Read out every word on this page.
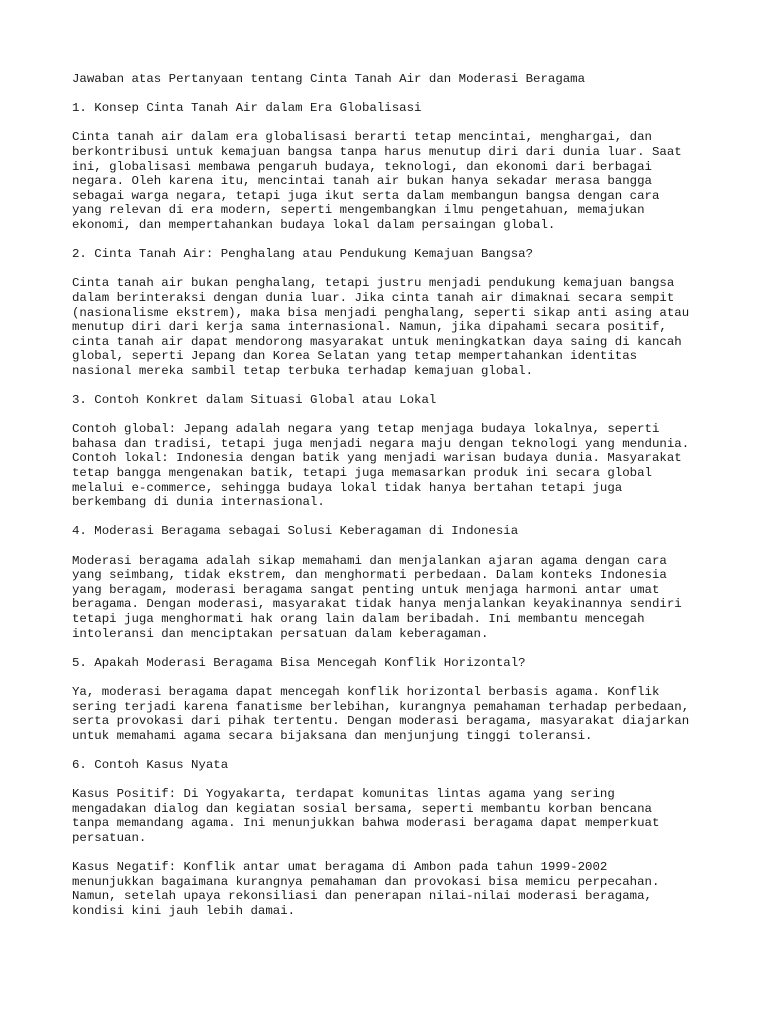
Jawaban atas Pertanyaan tentang Cinta Tanah Air dan Moderasi Beragama
1. Konsep Cinta Tanah Air dalam Era Globalisasi
Cinta tanah air dalam era globalisasi berarti tetap mencintai, menghargai, dan
berkontribusi untuk kemajuan bangsa tanpa harus menutup diri dari dunia luar. Saat
ini, globalisasi membawa pengaruh budaya, teknologi, dan ekonomi dari berbagai
negara. Oleh karena itu, mencintai tanah air bukan hanya sekadar merasa bangga
sebagai warga negara, tetapi juga ikut serta dalam membangun bangsa dengan cara
yang relevan di era modern, seperti mengembangkan ilmu pengetahuan, memajukan
ekonomi, dan mempertahankan budaya lokal dalam persaingan global.
2. Cinta Tanah Air: Penghalang atau Pendukung Kemajuan Bangsa?
Cinta tanah air bukan penghalang, tetapi justru menjadi pendukung kemajuan bangsa
dalam berinteraksi dengan dunia luar. Jika cinta tanah air dimaknai secara sempit
(nasionalisme ekstrem), maka bisa menjadi penghalang, seperti sikap anti asing atau
menutup diri dari kerja sama internasional. Namun, jika dipahami secara positif,
cinta tanah air dapat mendorong masyarakat untuk meningkatkan daya saing di kancah
global, seperti Jepang dan Korea Selatan yang tetap mempertahankan identitas
nasional mereka sambil tetap terbuka terhadap kemajuan global.
3. Contoh Konkret dalam Situasi Global atau Lokal
Contoh global: Jepang adalah negara yang tetap menjaga budaya lokalnya, seperti
bahasa dan tradisi, tetapi juga menjadi negara maju dengan teknologi yang mendunia.
Contoh lokal: Indonesia dengan batik yang menjadi warisan budaya dunia. Masyarakat
tetap bangga mengenakan batik, tetapi juga memasarkan produk ini secara global
melalui e-commerce, sehingga budaya lokal tidak hanya bertahan tetapi juga
berkembang di dunia internasional.
4. Moderasi Beragama sebagai Solusi Keberagaman di Indonesia
Moderasi beragama adalah sikap memahami dan menjalankan ajaran agama dengan cara
yang seimbang, tidak ekstrem, dan menghormati perbedaan. Dalam konteks Indonesia
yang beragam, moderasi beragama sangat penting untuk menjaga harmoni antar umat
beragama. Dengan moderasi, masyarakat tidak hanya menjalankan keyakinannya sendiri
tetapi juga menghormati hak orang lain dalam beribadah. Ini membantu mencegah
intoleransi dan menciptakan persatuan dalam keberagaman.
5. Apakah Moderasi Beragama Bisa Mencegah Konflik Horizontal?
Ya, moderasi beragama dapat mencegah konflik horizontal berbasis agama. Konflik
sering terjadi karena fanatisme berlebihan, kurangnya pemahaman terhadap perbedaan,
serta provokasi dari pihak tertentu. Dengan moderasi beragama, masyarakat diajarkan
untuk memahami agama secara bijaksana dan menjunjung tinggi toleransi.
6. Contoh Kasus Nyata
Kasus Positif: Di Yogyakarta, terdapat komunitas lintas agama yang sering
mengadakan dialog dan kegiatan sosial bersama, seperti membantu korban bencana
tanpa memandang agama. Ini menunjukkan bahwa moderasi beragama dapat memperkuat
persatuan.
Kasus Negatif: Konflik antar umat beragama di Ambon pada tahun 1999-2002
menunjukkan bagaimana kurangnya pemahaman dan provokasi bisa memicu perpecahan.
Namun, setelah upaya rekonsiliasi dan penerapan nilai-nilai moderasi beragama,
kondisi kini jauh lebih damai.
